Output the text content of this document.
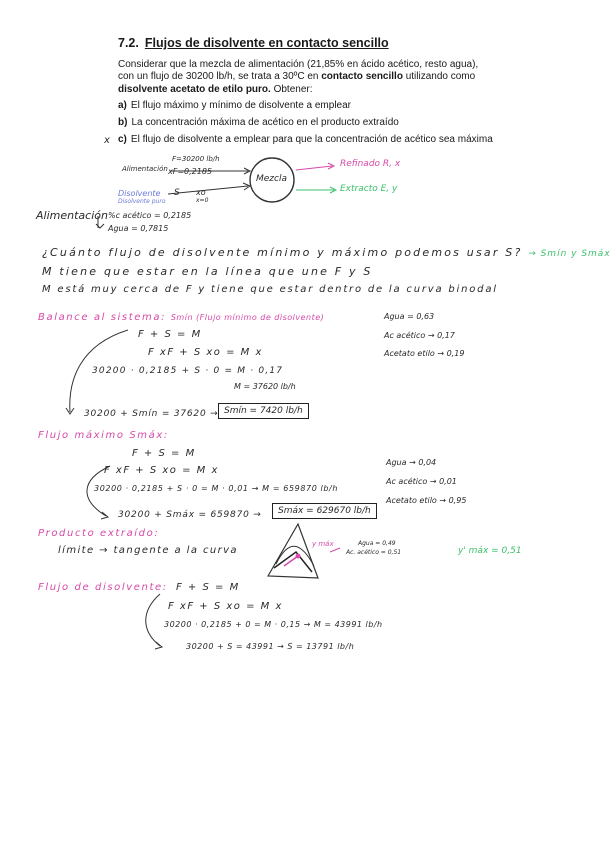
7.2. Flujos de disolvente en contacto sencillo
Considerar que la mezcla de alimentación (21,85% en ácido acético, resto agua), con un flujo de 30200 lb/h, se trata a 30ºC en contacto sencillo utilizando como disolvente acetato de etilo puro. Obtener:
a) El flujo máximo y mínimo de disolvente a emplear
b) La concentración máxima de acético en el producto extraído
c) El flujo de disolvente a emplear para que la concentración de acético sea máxima
x
Alimentación
F=30200 lb/h
xF=0,2185
Disolvente
Disolvente puro
S xo
x=0
Mezcla
Refinado R, x
Extracto E, y
Alimentación %c acético = 0,2185
Agua = 0,7815
¿Cuánto flujo de disolvente mínimo y máximo podemos usar S? → Smín y Smáx
M tiene que estar en la línea que une F y S
M está muy cerca de F y tiene que estar dentro de la curva binodal
Balance al sistema: Smín (Flujo mínimo de disolvente)
F + S = M
F xF + S xo = M x
30200 · 0,2185 + S · 0 = M · 0,17
M = 37620 lb/h
30200 + Smín = 37620 → Smín = 7420 lb/h
Agua = 0,63
Ac acético → 0,17
Acetato etilo → 0,19
Flujo máximo Smáx:
F + S = M
F xF + S xo = M x
30200 · 0,2185 + S · 0 = M · 0,01 → M = 659870 lb/h
30200 + Smáx = 659870 →	Smáx = 629670 lb/h
Agua → 0,04
Ac acético → 0,01
Acetato etilo → 0,95
Producto extraído:
límite → tangente a la curva
y máx	Agua = 0,49
Ac. acético = 0,51	y' máx = 0,51
Flujo de disolvente: F + S = M
F xF + S xo = M x
30200 · 0,2185 + 0 = M · 0,15 → M = 43991 lb/h
30200 + S = 43991 → S = 13791 lb/h
